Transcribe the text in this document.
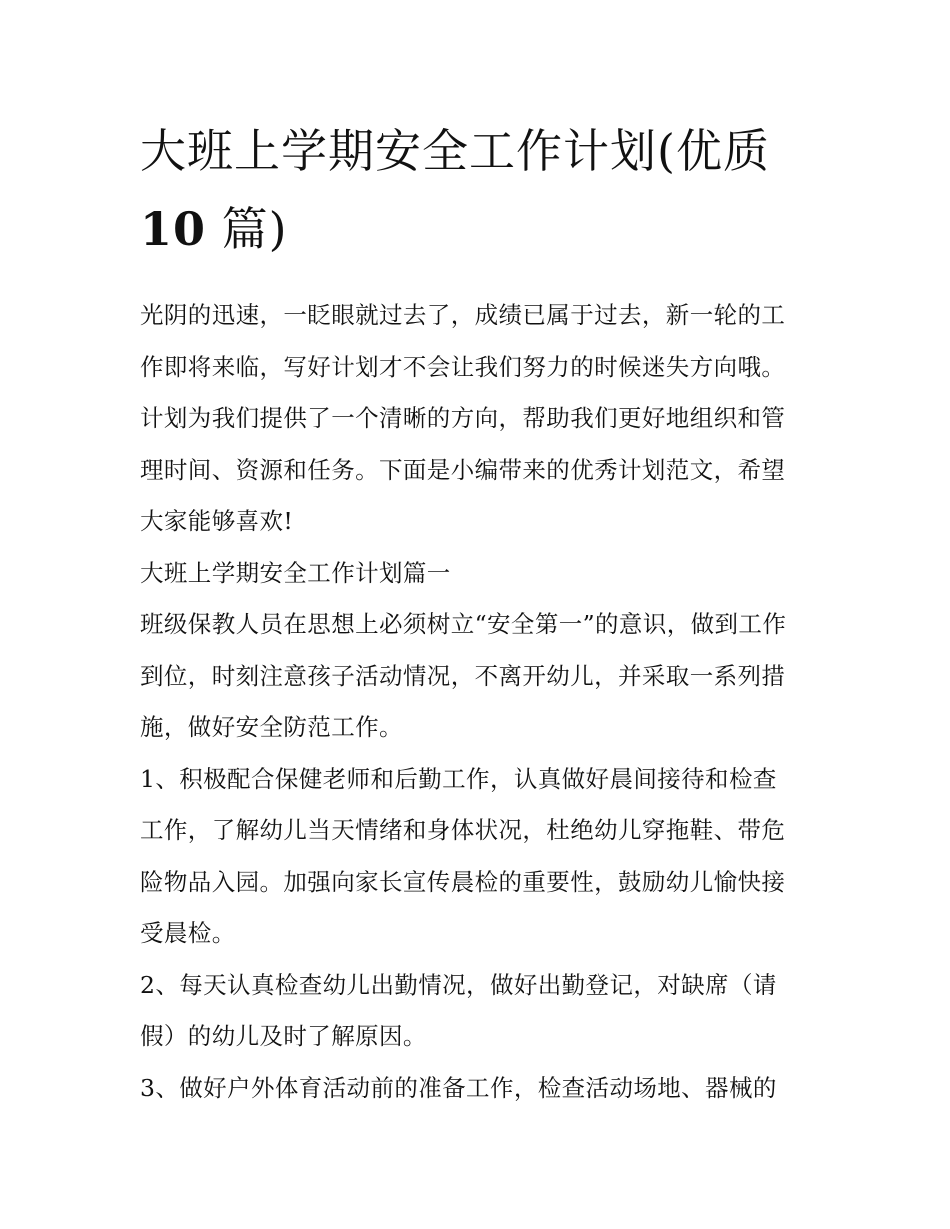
大班上学期安全工作计划(优质
10 篇)

光阴的迅速，一眨眼就过去了，成绩已属于过去，新一轮的工
作即将来临，写好计划才不会让我们努力的时候迷失方向哦。
计划为我们提供了一个清晰的方向，帮助我们更好地组织和管
理时间、资源和任务。下面是小编带来的优秀计划范文，希望
大家能够喜欢!

大班上学期安全工作计划篇一

班级保教人员在思想上必须树立“安全第一”的意识，做到工作
到位，时刻注意孩子活动情况，不离开幼儿，并采取一系列措
施，做好安全防范工作。

1、积极配合保健老师和后勤工作，认真做好晨间接待和检查
工作，了解幼儿当天情绪和身体状况，杜绝幼儿穿拖鞋、带危
险物品入园。加强向家长宣传晨检的重要性，鼓励幼儿愉快接
受晨检。

2、每天认真检查幼儿出勤情况，做好出勤登记，对缺席（请
假）的幼儿及时了解原因。

3、做好户外体育活动前的准备工作，检查活动场地、器械的
